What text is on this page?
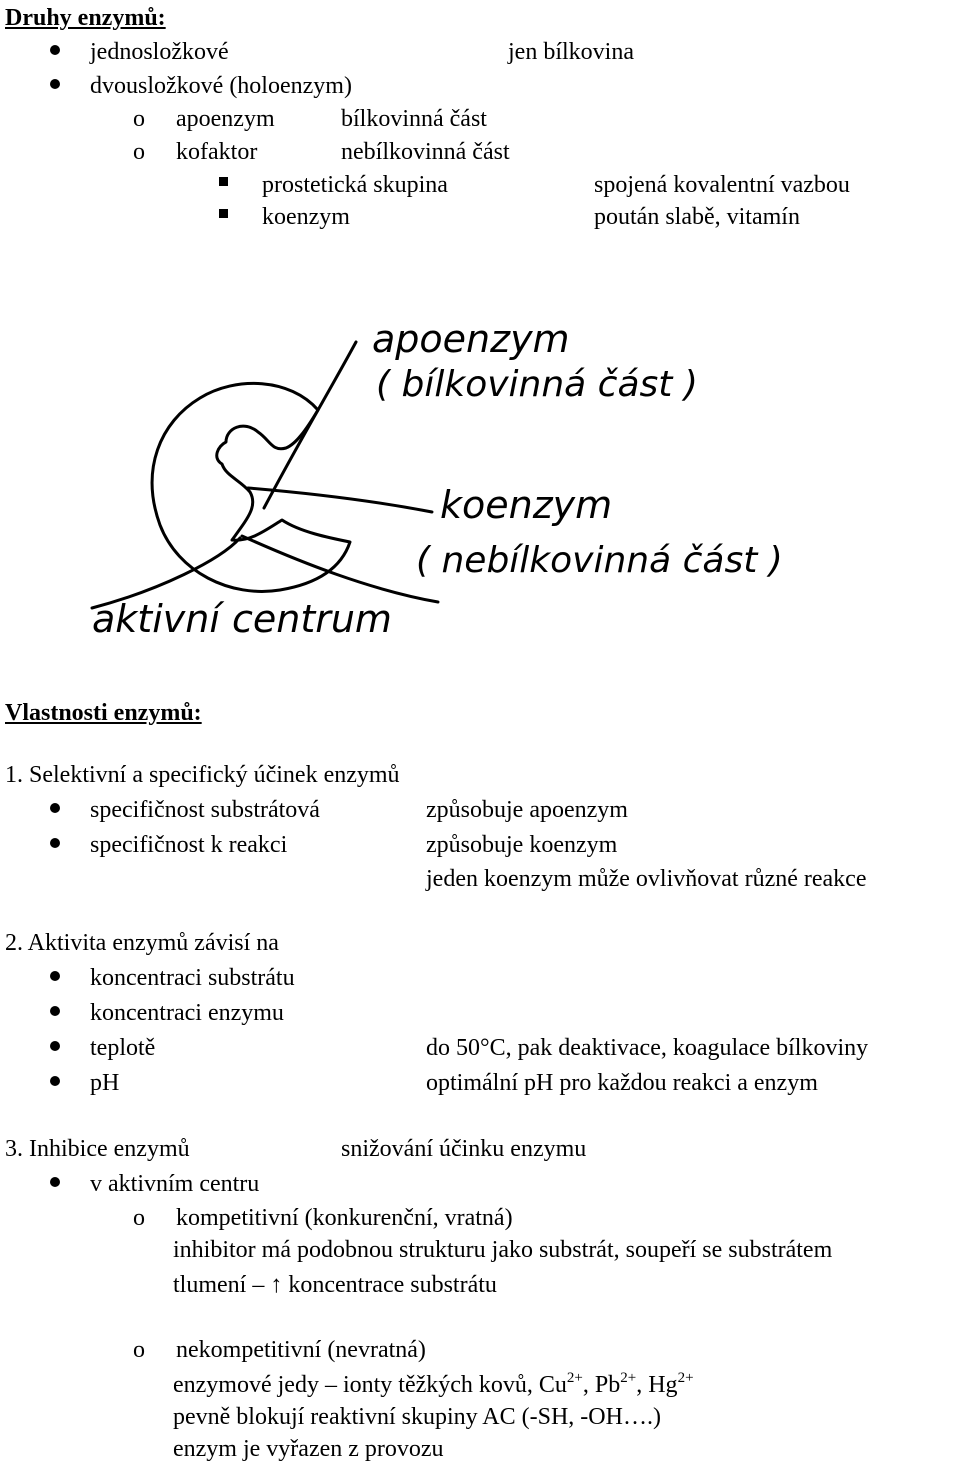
Druhy enzymů:
jednosložkové	jen bílkovina
dvousložkové (holoenzym)
o apoenzym	bílkovinná část
o kofaktor	nebílkovinná část
prostetická skupina	spojená kovalentní vazbou
koenzym	poután slabě, vitamín
apoenzym
( bílkovinná část )
koenzym
( nebílkovinná část )
aktivní centrum
Vlastnosti enzymů:
1. Selektivní a specifický účinek enzymů
specifičnost substrátová	způsobuje apoenzym
specifičnost k reakci	způsobuje koenzym
jeden koenzym může ovlivňovat různé reakce
2. Aktivita enzymů závisí na
koncentraci substrátu
koncentraci enzymu
teplotě	do 50°C, pak deaktivace, koagulace bílkoviny
pH	optimální pH pro každou reakci a enzym
3. Inhibice enzymů	snižování účinku enzymu
v aktivním centru
o kompetitivní (konkurenční, vratná)
inhibitor má podobnou strukturu jako substrát, soupeří se substrátem
tlumení – ↑ koncentrace substrátu
o nekompetitivní (nevratná)
enzymové jedy – ionty těžkých kovů, $Cu^{2+}$, $Pb^{2+}$, $Hg^{2+}$
pevně blokují reaktivní skupiny AC (-SH, -OH….)
enzym je vyřazen z provozu
